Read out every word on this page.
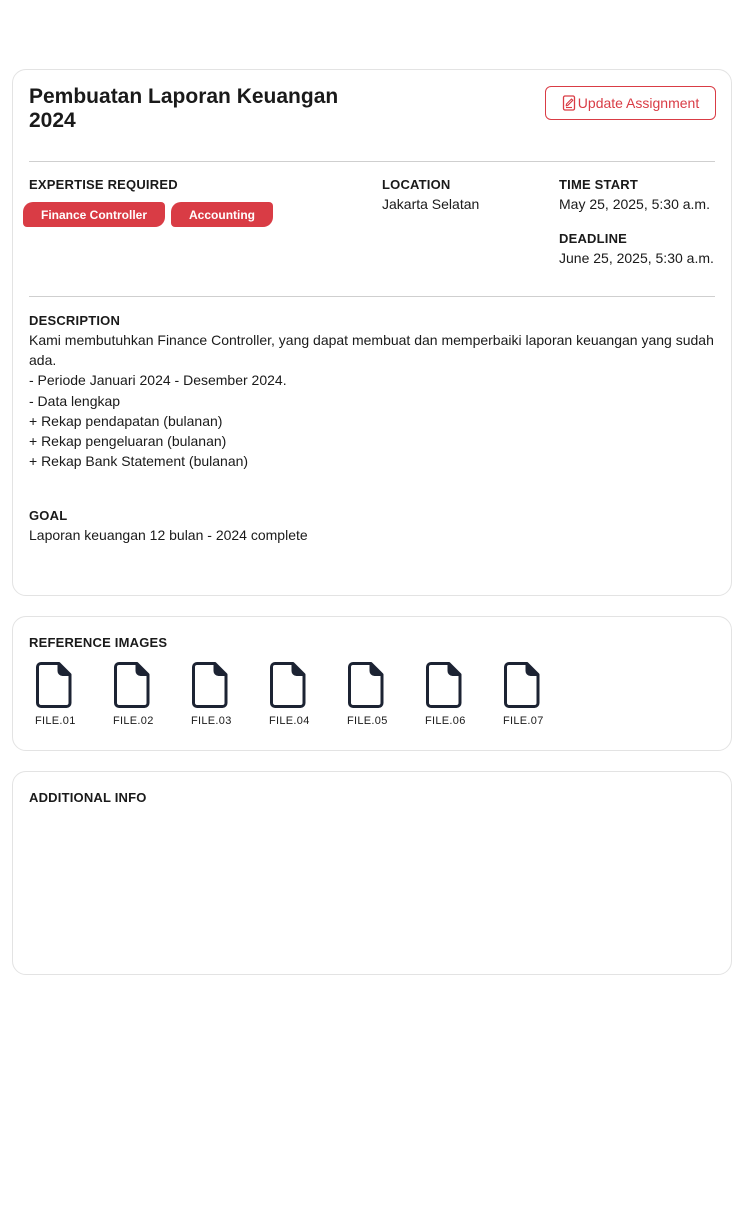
Pembuatan Laporan Keuangan 2024
Update Assignment
EXPERTISE REQUIRED
Finance Controller	Accounting
LOCATION
Jakarta Selatan
TIME START
May 25, 2025, 5:30 a.m.
DEADLINE
June 25, 2025, 5:30 a.m.
DESCRIPTION
Kami membutuhkan Finance Controller, yang dapat membuat dan memperbaiki laporan keuangan yang sudah ada.
- Periode Januari 2024 - Desember 2024.
- Data lengkap
+ Rekap pendapatan (bulanan)
+ Rekap pengeluaran (bulanan)
+ Rekap Bank Statement (bulanan)
GOAL
Laporan keuangan 12 bulan - 2024 complete
REFERENCE IMAGES
FILE.01	FILE.02	FILE.03	FILE.04	FILE.05	FILE.06	FILE.07
ADDITIONAL INFO
